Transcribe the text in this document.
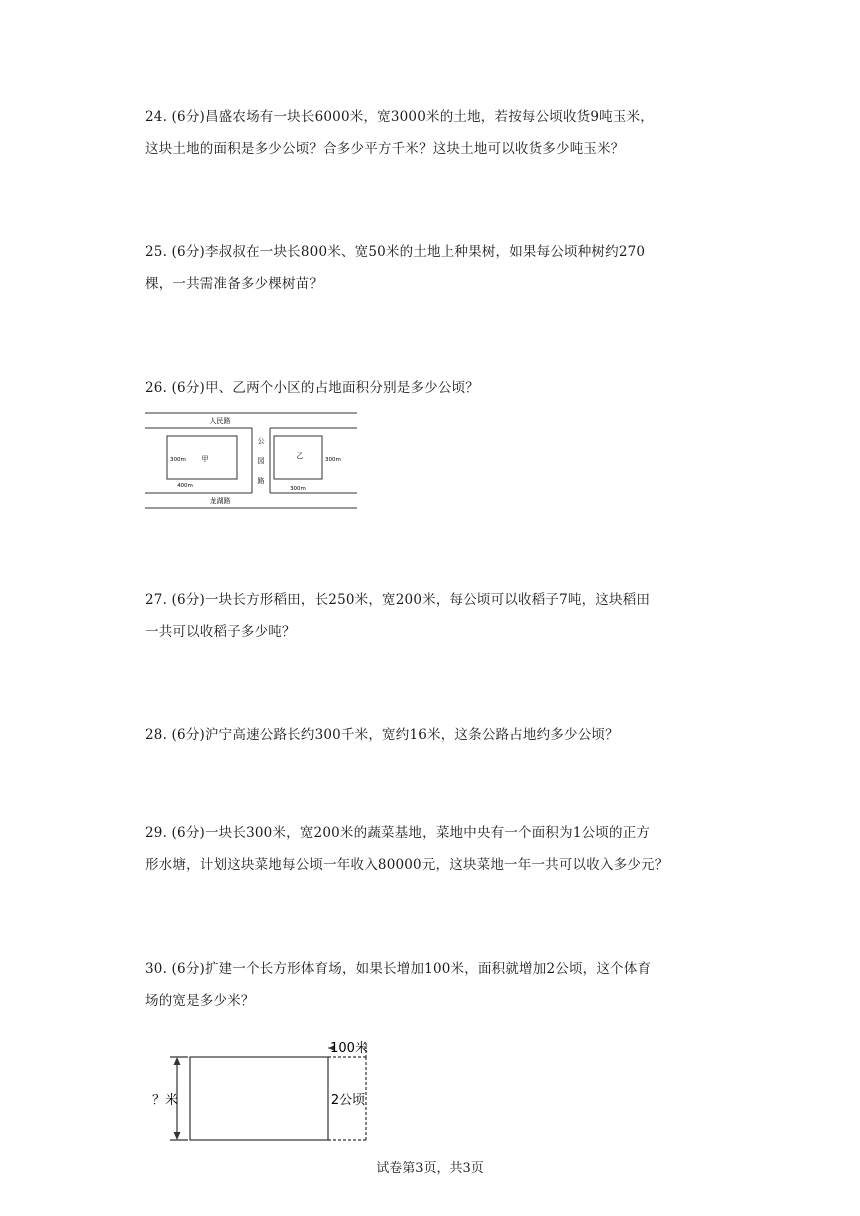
24. (6分)昌盛农场有一块长6000米，宽3000米的土地，若按每公顷收货9吨玉米，

这块土地的面积是多少公顷？合多少平方千米？这块土地可以收货多少吨玉米？

25. (6分)李叔叔在一块长800米、宽50米的土地上种果树，如果每公顷种树约270

棵，一共需准备多少棵树苗？

26. (6分)甲、乙两个小区的占地面积分别是多少公顷？

人民路
龙湖路
公
园
路
甲	乙
300m
400m	300m
300m

27. (6分)一块长方形稻田，长250米，宽200米，每公顷可以收稻子7吨，这块稻田

一共可以收稻子多少吨？

28. (6分)沪宁高速公路长约300千米，宽约16米，这条公路占地约多少公顷？

29. (6分)一块长300米，宽200米的蔬菜基地，菜地中央有一个面积为1公顷的正方

形水塘，计划这块菜地每公顷一年收入80000元，这块菜地一年一共可以收入多少元？

30. (6分)扩建一个长方形体育场，如果长增加100米，面积就增加2公顷，这个体育

场的宽是多少米？

100米
2公顷
？米
试卷第3页，共3页
